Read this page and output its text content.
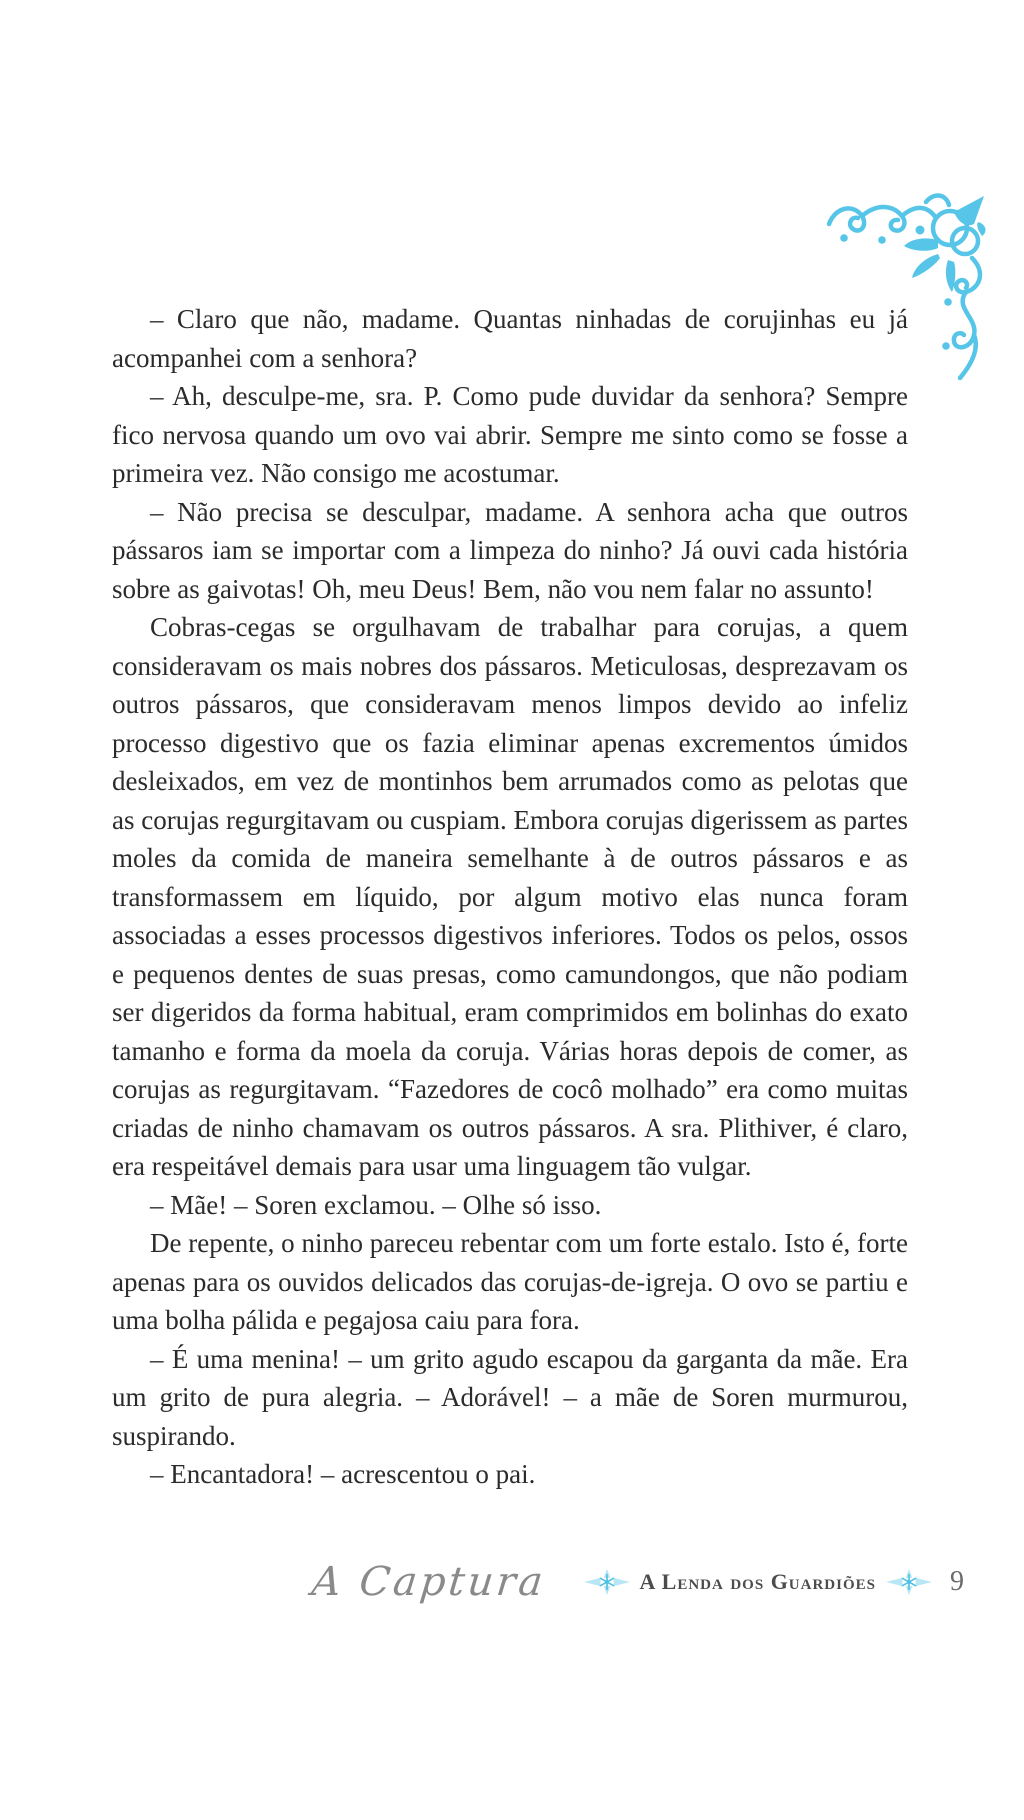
– Claro que não, madame. Quantas ninhadas de corujinhas eu já acompanhei com a senhora?

– Ah, desculpe-me, sra. P. Como pude duvidar da senhora? Sempre fico nervosa quando um ovo vai abrir. Sempre me sinto como se fosse a primeira vez. Não consigo me acostumar.

– Não precisa se desculpar, madame. A senhora acha que outros pássaros iam se importar com a limpeza do ninho? Já ouvi cada história sobre as gaivotas! Oh, meu Deus! Bem, não vou nem falar no assunto!

Cobras-cegas se orgulhavam de trabalhar para corujas, a quem consideravam os mais nobres dos pássaros. Meticulosas, desprezavam os outros pássaros, que consideravam menos limpos devido ao infeliz processo digestivo que os fazia eliminar apenas excrementos úmidos desleixados, em vez de montinhos bem arrumados como as pelotas que as corujas regurgitavam ou cuspiam. Embora corujas digerissem as partes moles da comida de maneira semelhante à de outros pássaros e as transformassem em líquido, por algum motivo elas nunca foram associadas a esses processos digestivos inferiores. Todos os pelos, ossos e pequenos dentes de suas presas, como camundongos, que não podiam ser digeridos da forma habitual, eram comprimidos em bolinhas do exato tamanho e forma da moela da coruja. Várias horas depois de comer, as corujas as regurgitavam. “Fazedores de cocô molhado” era como muitas criadas de ninho chamavam os outros pássaros. A sra. Plithiver, é claro, era respeitável demais para usar uma linguagem tão vulgar.

– Mãe! – Soren exclamou. – Olhe só isso.

De repente, o ninho pareceu rebentar com um forte estalo. Isto é, forte apenas para os ouvidos delicados das corujas-de-igreja. O ovo se partiu e uma bolha pálida e pegajosa caiu para fora.

– É uma menina! – um grito agudo escapou da garganta da mãe. Era um grito de pura alegria. – Adorável! – a mãe de Soren murmurou, suspirando.

– Encantadora! – acrescentou o pai.

A Captura	A Lenda dos Guardiões	9
